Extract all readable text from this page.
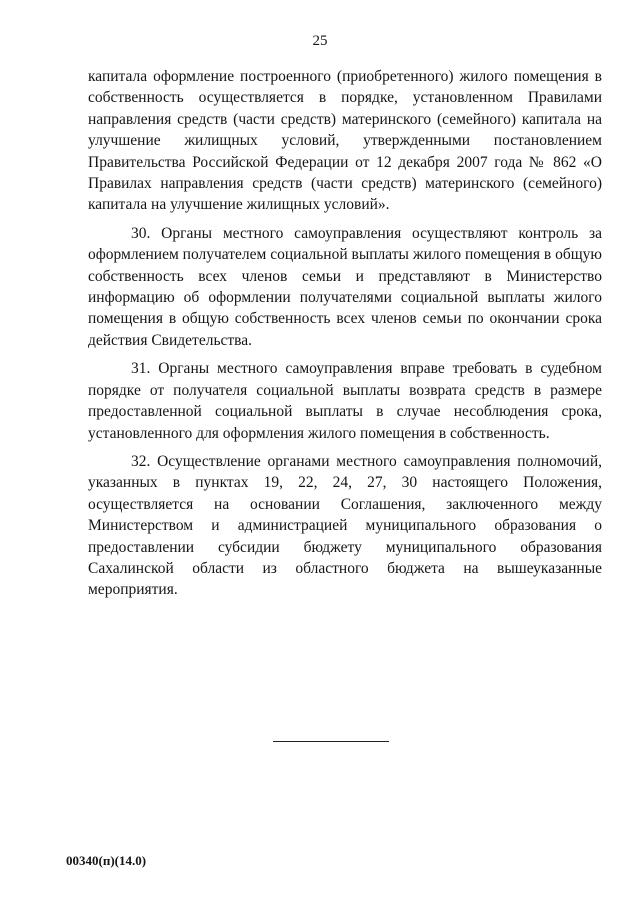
25

капитала оформление построенного (приобретенного) жилого помещения в собственность осуществляется в порядке, установленном Правилами направления средств (части средств) материнского (семейного) капитала на улучшение жилищных условий, утвержденными постановлением Правительства Российской Федерации от 12 декабря 2007 года № 862 «О Правилах направления средств (части средств) материнского (семейного) капитала на улучшение жилищных условий».

30. Органы местного самоуправления осуществляют контроль за оформлением получателем социальной выплаты жилого помещения в общую собственность всех членов семьи и представляют в Министерство информацию об оформлении получателями социальной выплаты жилого помещения в общую собственность всех членов семьи по окончании срока действия Свидетельства.

31. Органы местного самоуправления вправе требовать в судебном порядке от получателя социальной выплаты возврата средств в размере предоставленной социальной выплаты в случае несоблюдения срока, установленного для оформления жилого помещения в собственность.

32. Осуществление органами местного самоуправления полномочий, указанных в пунктах 19, 22, 24, 27, 30 настоящего Положения, осуществляется на основании Соглашения, заключенного между Министерством и администрацией муниципального образования о предоставлении субсидии бюджету муниципального образования Сахалинской области из областного бюджета на вышеуказанные мероприятия.

00340(п)(14.0)
